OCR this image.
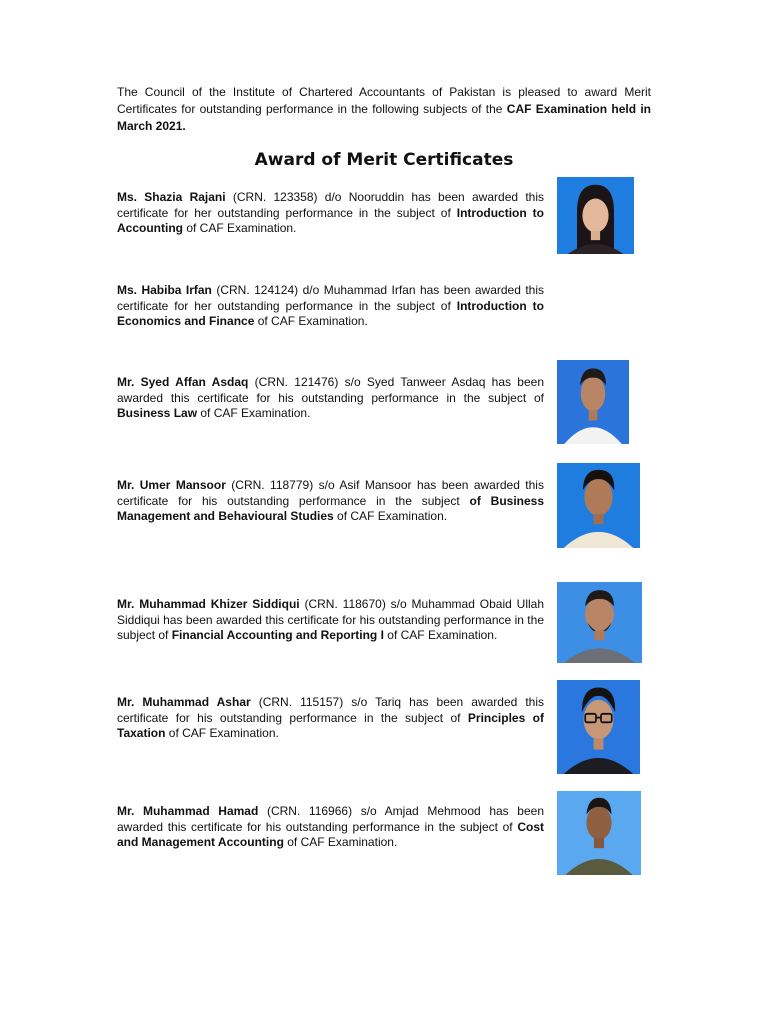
The Council of the Institute of Chartered Accountants of Pakistan is pleased to award Merit Certificates for outstanding performance in the following subjects of the CAF Examination held in March 2021.

Award of Merit Certificates

Ms. Shazia Rajani (CRN. 123358) d/o Nooruddin has been awarded this certificate for her outstanding performance in the subject of Introduction to Accounting of CAF Examination.

Ms. Habiba Irfan (CRN. 124124) d/o Muhammad Irfan has been awarded this certificate for her outstanding performance in the subject of Introduction to Economics and Finance of CAF Examination.

Mr. Syed Affan Asdaq (CRN. 121476) s/o Syed Tanweer Asdaq has been awarded this certificate for his outstanding performance in the subject of Business Law of CAF Examination.

Mr. Umer Mansoor (CRN. 118779) s/o Asif Mansoor has been awarded this certificate for his outstanding performance in the subject of Business Management and Behavioural Studies of CAF Examination.

Mr. Muhammad Khizer Siddiqui (CRN. 118670) s/o Muhammad Obaid Ullah Siddiqui has been awarded this certificate for his outstanding performance in the subject of Financial Accounting and Reporting I of CAF Examination.

Mr. Muhammad Ashar (CRN. 115157) s/o Tariq has been awarded this certificate for his outstanding performance in the subject of Principles of Taxation of CAF Examination.

Mr. Muhammad Hamad (CRN. 116966) s/o Amjad Mehmood has been awarded this certificate for his outstanding performance in the subject of Cost and Management Accounting of CAF Examination.
